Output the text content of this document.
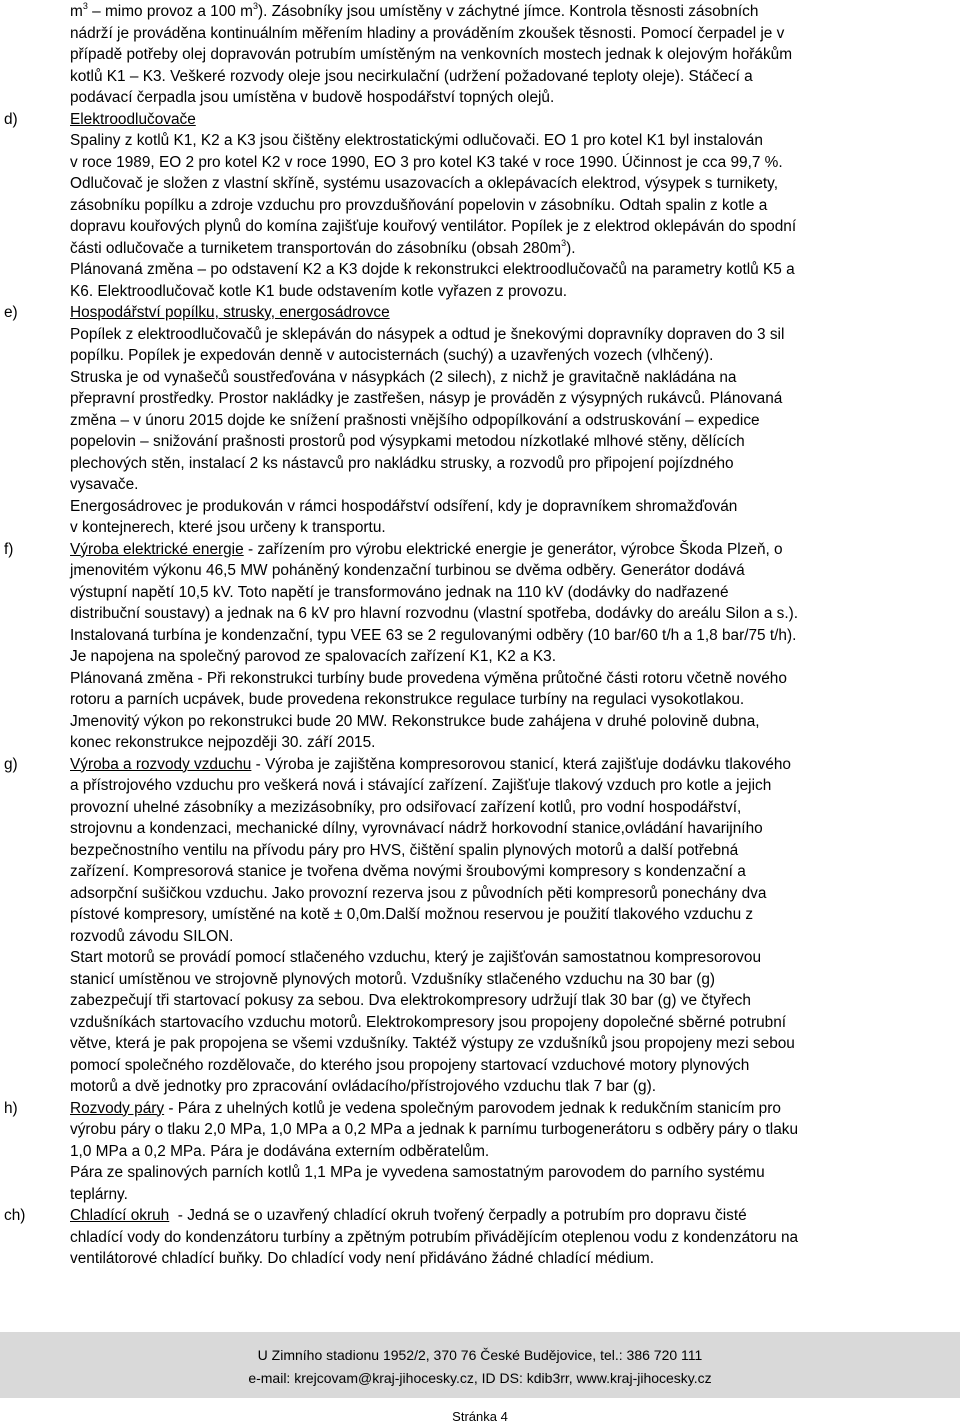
$m^3$ – mimo provoz a 100 $m^3$). Zásobníky jsou umístěny v záchytné jímce. Kontrola těsnosti zásobních
nádrží je prováděna kontinuálním měřením hladiny a prováděním zkoušek těsnosti. Pomocí čerpadel je v
případě potřeby olej dopravován potrubím umístěným na venkovních mostech jednak k olejovým hořákům
kotlů K1 – K3. Veškeré rozvody oleje jsou necirkulační (udržení požadované teploty oleje). Stáčecí a
podávací čerpadla jsou umístěna v budově hospodářství topných olejů.
d)	Elektroodlučovače
Spaliny z kotlů K1, K2 a K3 jsou čištěny elektrostatickými odlučovači. EO 1 pro kotel K1 byl instalován
v roce 1989, EO 2 pro kotel K2 v roce 1990, EO 3 pro kotel K3 také v roce 1990. Účinnost je cca 99,7 %.
Odlučovač je složen z vlastní skříně, systému usazovacích a oklepávacích elektrod, výsypek s turnikety,
zásobníku popílku a zdroje vzduchu pro provzdušňování popelovin v zásobníku. Odtah spalin z kotle a
dopravu kouřových plynů do komína zajišťuje kouřový ventilátor. Popílek je z elektrod oklepáván do spodní
části odlučovače a turniketem transportován do zásobníku (obsah $280m^3$).
Plánovaná změna – po odstavení K2 a K3 dojde k rekonstrukci elektroodlučovačů na parametry kotlů K5 a
K6. Elektroodlučovač kotle K1 bude odstavením kotle vyřazen z provozu.
e)	Hospodářství popílku, strusky, energosádrovce
Popílek z elektroodlučovačů je sklepáván do násypek a odtud je šnekovými dopravníky dopraven do 3 sil
popílku. Popílek je expedován denně v autocisternách (suchý) a uzavřených vozech (vlhčený).
Struska je od vynašečů soustřeďována v násypkách (2 silech), z nichž je gravitačně nakládána na
přepravní prostředky. Prostor nakládky je zastřešen, násyp je prováděn z výsypných rukávců. Plánovaná
změna – v únoru 2015 dojde ke snížení prašnosti vnějšího odpopílkování a odstruskování – expedice
popelovin – snižování prašnosti prostorů pod výsypkami metodou nízkotlaké mlhové stěny, dělících
plechových stěn, instalací 2 ks nástavců pro nakládku strusky, a rozvodů pro připojení pojízdného
vysavače.
Energosádrovec je produkován v rámci hospodářství odsíření, kdy je dopravníkem shromažďován
v kontejnerech, které jsou určeny k transportu.
f)	Výroba elektrické energie - zařízením pro výrobu elektrické energie je generátor, výrobce Škoda Plzeň, o
jmenovitém výkonu 46,5 MW poháněný kondenzační turbinou se dvěma odběry. Generátor dodává
výstupní napětí 10,5 kV. Toto napětí je transformováno jednak na 110 kV (dodávky do nadřazené
distribuční soustavy) a jednak na 6 kV pro hlavní rozvodnu (vlastní spotřeba, dodávky do areálu Silon a s.).
Instalovaná turbína je kondenzační, typu VEE 63 se 2 regulovanými odběry (10 bar/60 t/h a 1,8 bar/75 t/h).
Je napojena na společný parovod ze spalovacích zařízení K1, K2 a K3.
Plánovaná změna - Při rekonstrukci turbíny bude provedena výměna průtočné části rotoru včetně nového
rotoru a parních ucpávek, bude provedena rekonstrukce regulace turbíny na regulaci vysokotlakou.
Jmenovitý výkon po rekonstrukci bude 20 MW. Rekonstrukce bude zahájena v druhé polovině dubna,
konec rekonstrukce nejpozději 30. září 2015.
g)	Výroba a rozvody vzduchu - Výroba je zajištěna kompresorovou stanicí, která zajišťuje dodávku tlakového
a přístrojového vzduchu pro veškerá nová i stávající zařízení. Zajišťuje tlakový vzduch pro kotle a jejich
provozní uhelné zásobníky a mezizásobníky, pro odsiřovací zařízení kotlů, pro vodní hospodářství,
strojovnu a kondenzaci, mechanické dílny, vyrovnávací nádrž horkovodní stanice,ovládání havarijního
bezpečnostního ventilu na přívodu páry pro HVS, čištění spalin plynových motorů a další potřebná
zařízení. Kompresorová stanice je tvořena dvěma novými šroubovými kompresory s kondenzační a
adsorpční sušičkou vzduchu. Jako provozní rezerva jsou z původních pěti kompresorů ponechány dva
pístové kompresory, umístěné na kotě ± 0,0m.Další možnou reservou je použití tlakového vzduchu z
rozvodů závodu SILON.
Start motorů se provádí pomocí stlačeného vzduchu, který je zajišťován samostatnou kompresorovou
stanicí umístěnou ve strojovně plynových motorů. Vzdušníky stlačeného vzduchu na 30 bar (g)
zabezpečují tři startovací pokusy za sebou. Dva elektrokompresory udržují tlak 30 bar (g) ve čtyřech
vzdušníkách startovacího vzduchu motorů. Elektrokompresory jsou propojeny dopolečné sběrné potrubní
větve, která je pak propojena se všemi vzdušníky. Taktéž výstupy ze vzdušníků jsou propojeny mezi sebou
pomocí společného rozdělovače, do kterého jsou propojeny startovací vzduchové motory plynových
motorů a dvě jednotky pro zpracování ovládacího/přístrojového vzduchu tlak 7 bar (g).
h)	Rozvody páry - Pára z uhelných kotlů je vedena společným parovodem jednak k redukčním stanicím pro
výrobu páry o tlaku 2,0 MPa, 1,0 MPa a 0,2 MPa a jednak k parnímu turbogenerátoru s odběry páry o tlaku
1,0 MPa a 0,2 MPa. Pára je dodávána externím odběratelům.
Pára ze spalinových parních kotlů 1,1 MPa je vyvedena samostatným parovodem do parního systému
teplárny.
ch)	Chladící okruh  - Jedná se o uzavřený chladící okruh tvořený čerpadly a potrubím pro dopravu čisté
chladící vody do kondenzátoru turbíny a zpětným potrubím přivádějícím oteplenou vodu z kondenzátoru na
ventilátorové chladící buňky. Do chladící vody není přidáváno žádné chladící médium.
U Zimního stadionu 1952/2, 370 76 České Budějovice, tel.: 386 720 111
e-mail: krejcovam@kraj-jihocesky.cz, ID DS: kdib3rr, www.kraj-jihocesky.cz
Stránka 4
